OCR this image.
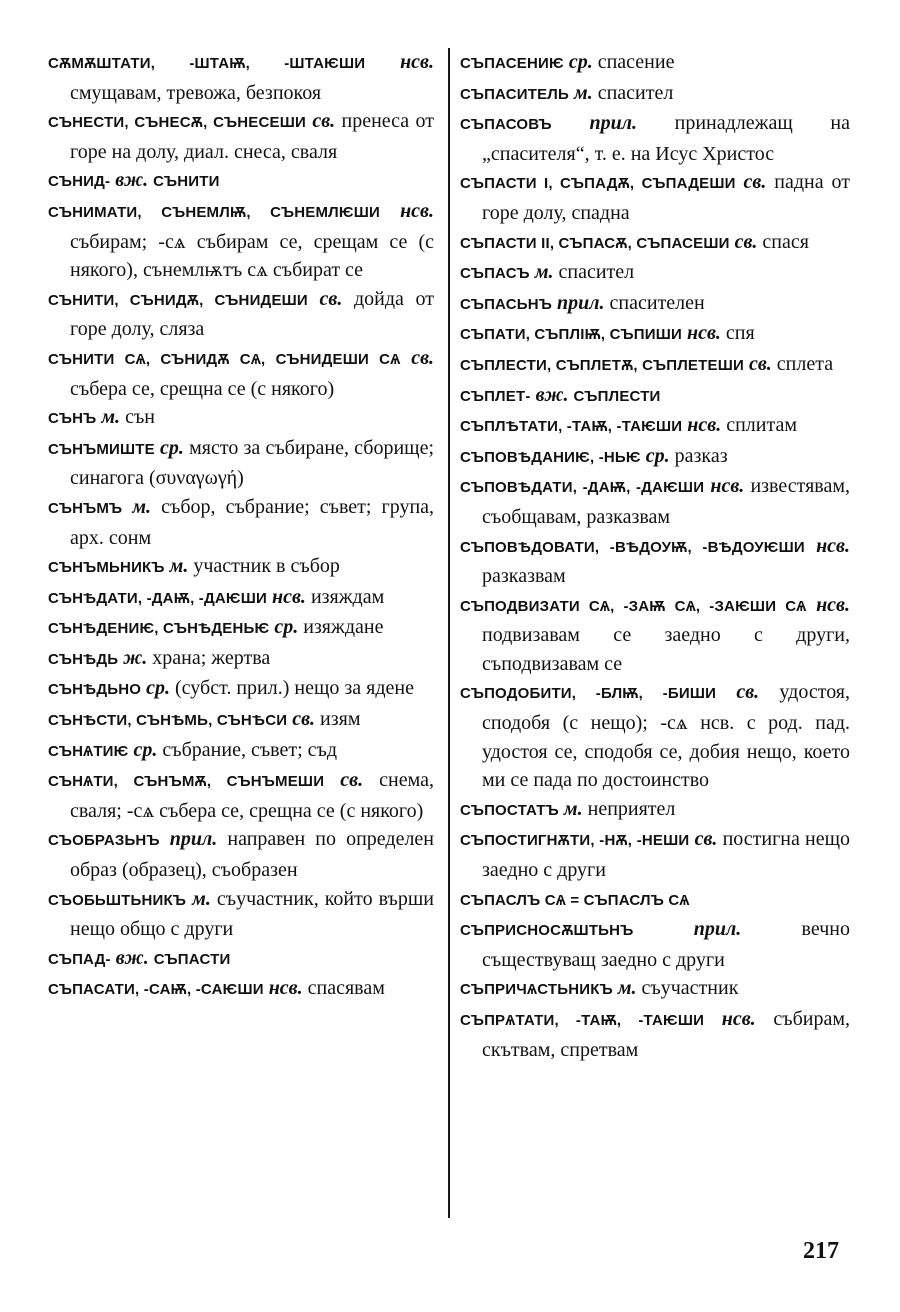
СѪМѪШТАТИ, -ШТАѬ, -ШТАѤШИ нсв. смущавам, тревожа, безпокоя

СЪНЕСТИ, СЪНЕСѪ, СЪНЕСЕШИ св. пренеса от горе на долу, диал. снеса, сваля

СЪНИД- вж. СЪНИТИ

СЪНИМАТИ, СЪНЕМЛѬ, СЪНЕМЛѤШИ нсв. събирам; -сѧ събирам се, срещам се (с някого), сънемлѭтъ сѧ събират се

СЪНИТИ, СЪНИДѪ, СЪНИДЕШИ св. дойда от горе долу, сляза

СЪНИТИ СѦ, СЪНИДѪ СѦ, СЪНИДЕШИ СѦ св. събера се, срещна се (с някого)

СЪНЪ м. сън

СЪНЪМИШТЕ ср. място за събиране, сборище; синагога (συναγωγή)

СЪНЪМЪ м. събор, събрание; съвет; група, арх. сонм

СЪНЪМЬНИКЪ м. участник в събор

СЪНѢДАТИ, -ДАѬ, -ДАѤШИ нсв. изяждам

СЪНѢДЕНИѤ, СЪНѢДЕНЬѤ ср. изяждане

СЪНѢДЬ ж. храна; жертва

СЪНѢДЬНО ср. (субст. прил.) нещо за ядене

СЪНѢСТИ, СЪНѢМЬ, СЪНѢСИ св. изям

СЪНѦТИѤ ср. събрание, съвет; съд

СЪНѦТИ, СЪНЪМѪ, СЪНЪМЕШИ св. снема, сваля; -сѧ събера се, срещна се (с някого)

СЪОБРАЗЬНЪ прил. направен по определен образ (образец), съобразен

СЪОБЬШТЬНИКЪ м. съучастник, който върши нещо общо с други

СЪПАД- вж. СЪПАСТИ

СЪПАСАТИ, -САѬ, -САѤШИ нсв. спасявам

СЪПАСЕНИѤ ср. спасение

СЪПАСИТЕЛЬ м. спасител

СЪПАСОВЪ прил. принадлежащ на „спасителя“, т. е. на Исус Христос

СЪПАСТИ I, СЪПАДѪ, СЪПАДЕШИ св. падна от горе долу, спадна

СЪПАСТИ II, СЪПАСѪ, СЪПАСЕШИ св. спася

СЪПАСЪ м. спасител

СЪПАСЬНЪ прил. спасителен

СЪПАТИ, СЪПЛІѬ, СЪПИШИ нсв. спя

СЪПЛЕСТИ, СЪПЛЕТѪ, СЪПЛЕТЕШИ св. сплета

СЪПЛЕТ- вж. СЪПЛЕСТИ

СЪПЛѢТАТИ, -ТАѬ, -ТАѤШИ нсв. сплитам

СЪПОВѢДАНИѤ, -НЬѤ ср. разказ

СЪПОВѢДАТИ, -ДАѬ, -ДАѤШИ нсв. известявам, съобщавам, разказвам

СЪПОВѢДОВАТИ, -ВѢДОУѬ, -ВѢДОУѤШИ нсв. разказвам

СЪПОДВИЗАТИ СѦ, -ЗАѬ СѦ, -ЗАѤШИ СѦ нсв. подвизавам се заедно с други, съподвизавам се

СЪПОДОБИТИ, -БЛѬ, -БИШИ св. удостоя, сподобя (с нещо); -сѧ нсв. с род. пад. удостоя се, сподобя се, добия нещо, което ми се пада по достоинство

СЪПОСТАТЪ м. неприятел

СЪПОСТИГНѪТИ, -НѪ, -НЕШИ св. постигна нещо заедно с други

СЪПАСЛЪ СѦ = СЪПАСЛЪ СѦ

СЪПРИСНОСѪШТЬНЪ	прил.	вечно съществуващ заедно с други

СЪПРИЧѦСТЬНИКЪ м. съучастник

СЪПРѦТАТИ, -ТАѬ, -ТАѤШИ нсв. събирам, скътвам, спретвам

217
